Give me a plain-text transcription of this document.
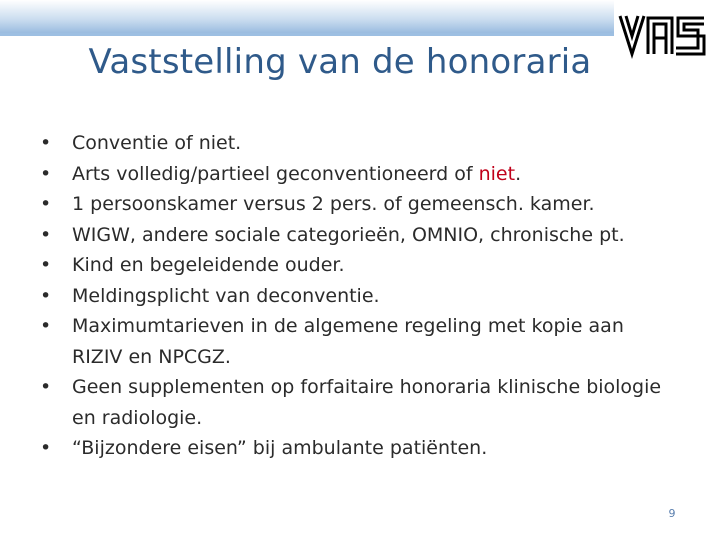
Vaststelling van de honoraria
•	Conventie of niet.
•	Arts volledig/partieel geconventioneerd of niet.
•	1 persoonskamer versus 2 pers. of gemeensch. kamer.
•	WIGW, andere sociale categorieën, OMNIO, chronische pt.
•	Kind en begeleidende ouder.
•	Meldingsplicht van deconventie.
•	Maximumtarieven in de algemene regeling met kopie aan RIZIV en NPCGZ.
•	Geen supplementen op forfaitaire honoraria klinische biologie en radiologie.
•	“Bijzondere eisen” bij ambulante patiënten.
9
